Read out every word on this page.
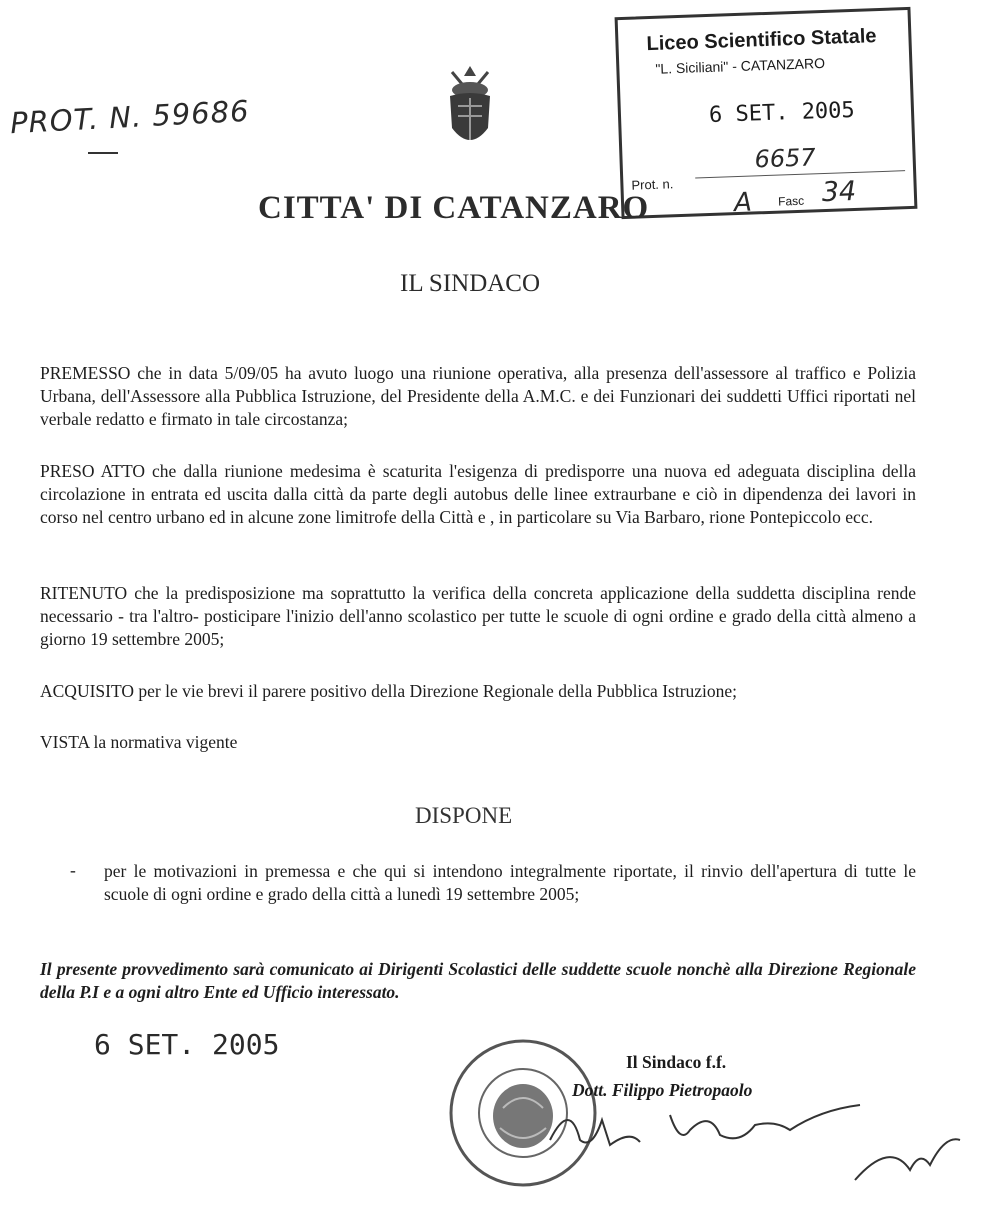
PROT. N. 59686
Liceo Scientifico Statale
"L. Siciliani" - CATANZARO
6 SET. 2005
Prot. n.
6657
A Fasc 34
CITTA' DI CATANZARO
IL SINDACO
PREMESSO che in data 5/09/05 ha avuto luogo una riunione operativa, alla presenza dell'assessore al traffico e Polizia Urbana, dell'Assessore alla Pubblica Istruzione, del Presidente della A.M.C. e dei Funzionari dei suddetti Uffici riportati nel verbale redatto e firmato in tale circostanza;
PRESO ATTO che dalla riunione medesima è scaturita l'esigenza di predisporre una nuova ed adeguata disciplina della circolazione in entrata ed uscita dalla città da parte degli autobus delle linee extraurbane e ciò in dipendenza dei lavori in corso nel centro urbano ed in alcune zone limitrofe della Città e , in particolare su Via Barbaro, rione Pontepiccolo ecc.
RITENUTO che la predisposizione ma soprattutto la verifica della concreta applicazione della suddetta disciplina rende necessario - tra l'altro- posticipare l'inizio dell'anno scolastico per tutte le scuole di ogni ordine e grado della città almeno a giorno 19 settembre 2005;
ACQUISITO per le vie brevi il parere positivo della Direzione Regionale della Pubblica Istruzione;
VISTA la normativa vigente
DISPONE
- per le motivazioni in premessa e che qui si intendono integralmente riportate, il rinvio dell'apertura di tutte le scuole di ogni ordine e grado della città a lunedì 19 settembre 2005;
Il presente provvedimento sarà comunicato ai Dirigenti Scolastici delle suddette scuole nonchè alla Direzione Regionale della P.I e a ogni altro Ente ed Ufficio interessato.
6 SET. 2005
Il Sindaco f.f.
Dott. Filippo Pietropaolo
